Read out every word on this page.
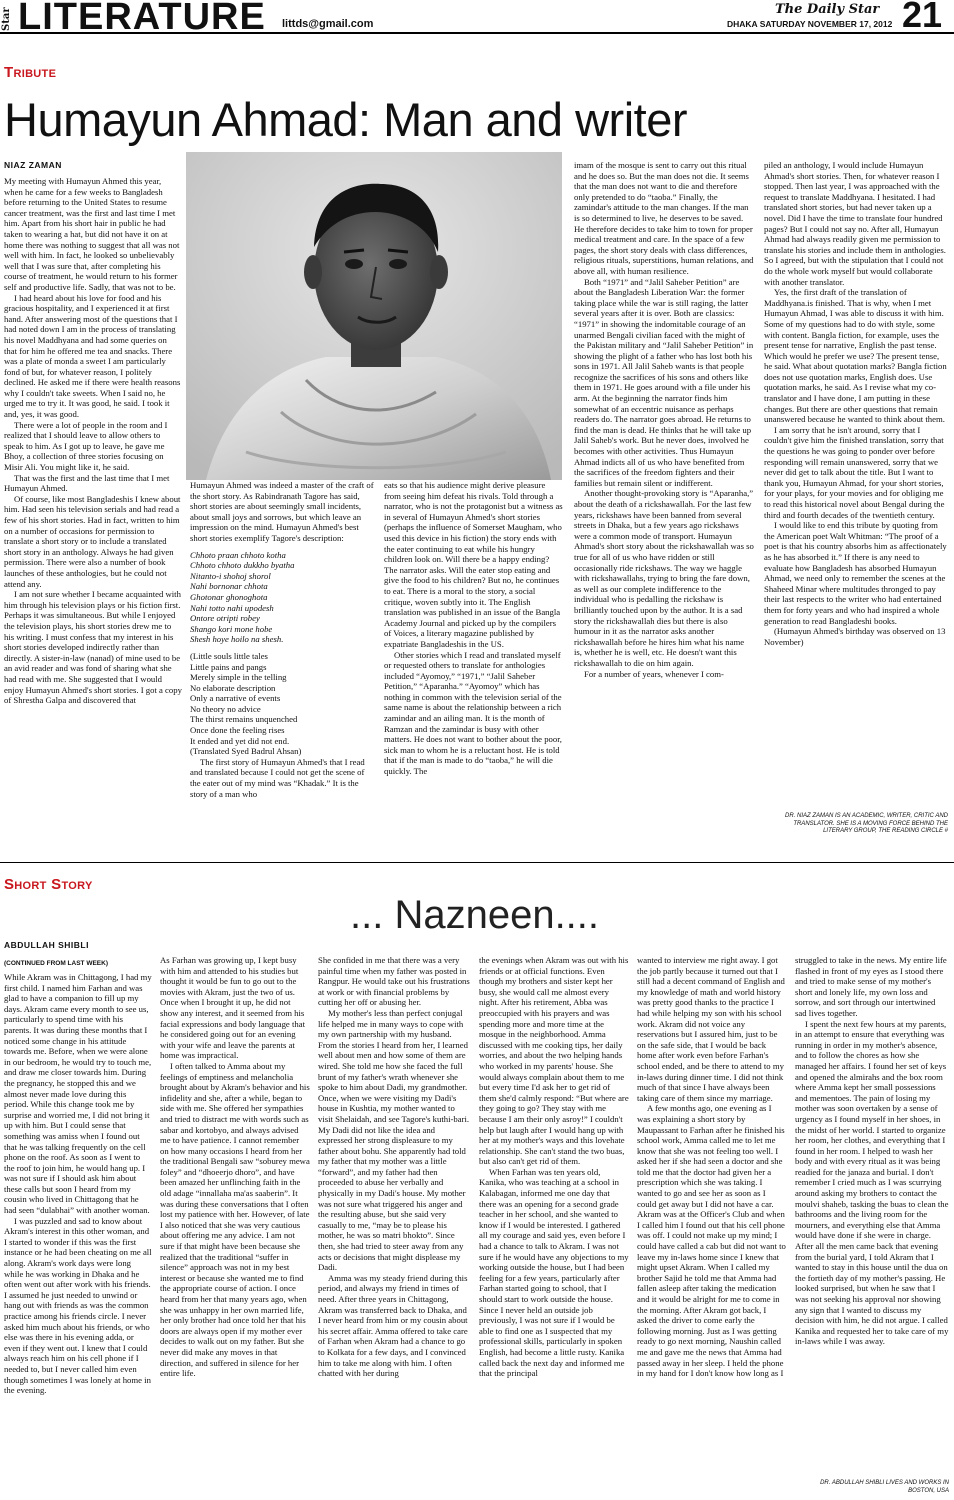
Star LITERATURE littds@gmail.com
The Daily Star
DHAKA SATURDAY NOVEMBER 17, 2012 21
Tribute
Humayun Ahmad: Man and writer
NIAZ ZAMAN

My meeting with Humayun Ahmed this year, when he came for a few weeks to Bangladesh before returning to the United States to resume cancer treatment, was the first and last time I met him. Apart from his short hair in public he had taken to wearing a hat, but did not have it on at home there was nothing to suggest that all was not well with him. In fact, he looked so unbelievably well that I was sure that, after completing his course of treatment, he would return to his former self and productive life. Sadly, that was not to be.

I had heard about his love for food and his gracious hospitality, and I experienced it at first hand. After answering most of the questions that I had noted down I am in the process of translating his novel Maddhyana and had some queries on that for him he offered me tea and snacks. There was a plate of monda a sweet I am particularly fond of but, for whatever reason, I politely declined. He asked me if there were health reasons why I couldn't take sweets. When I said no, he urged me to try it. It was good, he said. I took it and, yes, it was good.

There were a lot of people in the room and I realized that I should leave to allow others to speak to him. As I got up to leave, he gave me Bhoy, a collection of three stories focusing on Misir Ali. You might like it, he said.

That was the first and the last time that I met Humayun Ahmed.

Of course, like most Bangladeshis I knew about him. Had seen his television serials and had read a few of his short stories. Had in fact, written to him on a number of occasions for permission to translate a short story or to include a translated short story in an anthology. Always he had given permission. There were also a number of book launches of these anthologies, but he could not attend any.

I am not sure whether I became acquainted with him through his television plays or his fiction first. Perhaps it was simultaneous. But while I enjoyed the television plays, his short stories drew me to his writing. I must confess that my interest in his short stories developed indirectly rather than directly. A sister-in-law (nanad) of mine used to be an avid reader and was fond of sharing what she had read with me. She suggested that I would enjoy Humayun Ahmed's short stories. I got a copy of Shrestha Galpa and discovered that

Humayun Ahmed was indeed a master of the craft of the short story. As Rabindranath Tagore has said, short stories are about seemingly small incidents, about small joys and sorrows, but which leave an impression on the mind. Humayun Ahmed's best short stories exemplify Tagore's description:

Chhoto praan chhoto kotha
Chhoto chhoto dukkho byatha
Nitanto-i shohoj shorol
Nahi bornonar chhota
Ghotonar ghonoghota
Nahi totto nahi upodesh
Ontore otripti robey
Shango kori mone hobe
Shesh hoye hoilo na shesh.

(Little souls little tales
Little pains and pangs
Merely simple in the telling
No elaborate description
Only a narrative of events
No theory no advice
The thirst remains unquenched
Once done the feeling rises
It ended and yet did not end.
(Translated Syed Badrul Ahsan)

The first story of Humayun Ahmed's that I read and translated because I could not get the scene of the eater out of my mind was “Khadak.” It is the story of a man who

eats so that his audience might derive pleasure from seeing him defeat his rivals. Told through a narrator, who is not the protagonist but a witness as in several of Humayun Ahmed's short stories (perhaps the influence of Somerset Maugham, who used this device in his fiction) the story ends with the eater continuing to eat while his hungry children look on. Will there be a happy ending? The narrator asks. Will the eater stop eating and give the food to his children? But no, he continues to eat. There is a moral to the story, a social critique, woven subtly into it. The English translation was published in an issue of the Bangla Academy Journal and picked up by the compilers of Voices, a literary magazine published by expatriate Bangladeshis in the US.

Other stories which I read and translated myself or requested others to translate for anthologies included “Ayomoy,” “1971,” “Jalil Saheber Petition,” “Aparanha.” “Ayomoy” which has nothing in common with the television serial of the same name is about the relationship between a rich zamindar and an ailing man. It is the month of Ramzan and the zamindar is busy with other matters. He does not want to bother about the poor, sick man to whom he is a reluctant host. He is told that if the man is made to do “taoba,” he will die quickly. The

imam of the mosque is sent to carry out this ritual and he does so. But the man does not die. It seems that the man does not want to die and therefore only pretended to do “taoba.” Finally, the zamindar's attitude to the man changes. If the man is so determined to live, he deserves to be saved. He therefore decides to take him to town for proper medical treatment and care. In the space of a few pages, the short story deals with class differences, religious rituals, superstitions, human relations, and above all, with human resilience.

Both “1971” and “Jalil Saheber Petition” are about the Bangladesh Liberation War: the former taking place while the war is still raging, the latter several years after it is over. Both are classics: “1971” in showing the indomitable courage of an unarmed Bengali civilian faced with the might of the Pakistan military and “Jalil Saheber Petition” in showing the plight of a father who has lost both his sons in 1971. All Jalil Saheb wants is that people recognize the sacrifices of his sons and others like them in 1971. He goes around with a file under his arm. At the beginning the narrator finds him somewhat of an eccentric nuisance as perhaps readers do. The narrator goes abroad. He returns to find the man is dead. He thinks that he will take up Jalil Saheb's work. But he never does, involved he becomes with other activities. Thus Humayun Ahmad indicts all of us who have benefited from the sacrifices of the freedom fighters and their families but remain silent or indifferent.

Another thought-provoking story is “Aparanha,” about the death of a rickshawallah. For the last few years, rickshaws have been banned from several streets in Dhaka, but a few years ago rickshaws were a common mode of transport. Humayun Ahmad's short story about the rickshawallah was so true for all of us who have ridden or still occasionally ride rickshaws. The way we haggle with rickshawallahs, trying to bring the fare down, as well as our complete indifference to the individual who is pedalling the rickshaw is brilliantly touched upon by the author. It is a sad story the rickshawallah dies but there is also humour in it as the narrator asks another rickshawallah before he hires him what his name is, whether he is well, etc. He doesn't want this rickshawallah to die on him again.

For a number of years, whenever I com-

piled an anthology, I would include Humayun Ahmad's short stories. Then, for whatever reason I stopped. Then last year, I was approached with the request to translate Maddhyana. I hesitated. I had translated short stories, but had never taken up a novel. Did I have the time to translate four hundred pages? But I could not say no. After all, Humayun Ahmad had always readily given me permission to translate his stories and include them in anthologies. So I agreed, but with the stipulation that I could not do the whole work myself but would collaborate with another translator.

Yes, the first draft of the translation of Maddhyana.is finished. That is why, when I met Humayun Ahmad, I was able to discuss it with him. Some of my questions had to do with style, some with content. Bangla fiction, for example, uses the present tense for narrative, English the past tense. Which would he prefer we use? The present tense, he said. What about quotation marks? Bangla fiction does not use quotation marks, English does. Use quotation marks, he said. As I revise what my co-translator and I have done, I am putting in these changes. But there are other questions that remain unanswered because he wanted to think about them.

I am sorry that he isn't around, sorry that I couldn't give him the finished translation, sorry that the questions he was going to ponder over before responding will remain unanswered, sorry that we never did get to talk about the title. But I want to thank you, Humayun Ahmad, for your short stories, for your plays, for your movies and for obliging me to read this historical novel about Bengal during the third and fourth decades of the twentieth century.

I would like to end this tribute by quoting from the American poet Walt Whitman: “The proof of a poet is that his country absorbs him as affectionately as he has absorbed it.” If there is any need to evaluate how Bangladesh has absorbed Humayun Ahmad, we need only to remember the scenes at the Shaheed Minar where multitudes thronged to pay their last respects to the writer who had entertained them for forty years and who had inspired a whole generation to read Bangladeshi books.

(Humayun Ahmed's birthday was observed on 13 November)

DR. NIAZ ZAMAN IS AN ACADEMIC, WRITER, CRITIC AND TRANSLATOR. SHE IS A MOVING FORCE BEHIND THE LITERARY GROUP, THE READING CIRCLE #
Short Story
... Nazneen....
ABDULLAH SHIBLI
(CONTINUED FROM LAST WEEK)

While Akram was in Chittagong, I had my first child. I named him Farhan and was glad to have a companion to fill up my days. Akram came every month to see us, particularly to spend time with his parents. It was during these months that I noticed some change in his attitude towards me. Before, when we were alone in our bedroom, he would try to touch me, and draw me closer towards him. During the pregnancy, he stopped this and we almost never made love during this period. While this change took me by surprise and worried me, I did not bring it up with him. But I could sense that something was amiss when I found out that he was talking frequently on the cell phone on the roof. As soon as I went to the roof to join him, he would hang up. I was not sure if I should ask him about these calls but soon I heard from my cousin who lived in Chittagong that he had seen “dulabhai” with another woman.

I was puzzled and sad to know about Akram's interest in this other woman, and I started to wonder if this was the first instance or he had been cheating on me all along. Akram's work days were long while he was working in Dhaka and he often went out after work with his friends. I assumed he just needed to unwind or hang out with friends as was the common practice among his friends circle. I never asked him much about his friends, or who else was there in his evening adda, or even if they went out. I knew that I could always reach him on his cell phone if I needed to, but I never called him even though sometimes I was lonely at home in the evening.

As Farhan was growing up, I kept busy with him and attended to his studies but thought it would be fun to go out to the movies with Akram, just the two of us. Once when I brought it up, he did not show any interest, and it seemed from his facial expressions and body language that he considered going out for an evening with your wife and leave the parents at home was impractical.

I often talked to Amma about my feelings of emptiness and melancholia brought about by Akram's behavior and his infidelity and she, after a while, began to side with me. She offered her sympathies and tried to distract me with words such as sabar and kortobyo, and always advised me to have patience. I cannot remember on how many occasions I heard from her the traditional Bengali saw “soburey mewa foley” and “dhoeerjo dhoro”, and have been amazed her unflinching faith in the old adage “innallaha ma'as saaberin”. It was during these conversations that I often lost my patience with her. However, of late I also noticed that she was very cautious about offering me any advice. I am not sure if that might have been because she realized that the traditional “suffer in silence” approach was not in my best interest or because she wanted me to find the appropriate course of action. I once heard from her that many years ago, when she was unhappy in her own married life, her only brother had once told her that his doors are always open if my mother ever decides to walk out on my father. But she never did make any moves in that direction, and suffered in silence for her entire life.

She confided in me that there was a very painful time when my father was posted in Rangpur. He would take out his frustrations at work or with financial problems by cutting her off or abusing her.

My mother's less than perfect conjugal life helped me in many ways to cope with my own partnership with my husband. From the stories I heard from her, I learned well about men and how some of them are wired. She told me how she faced the full brunt of my father's wrath whenever she spoke to him about Dadi, my grandmother. Once, when we were visiting my Dadi's house in Kushtia, my mother wanted to visit Shelaidah, and see Tagore's kuthi-bari. My Dadi did not like the idea and expressed her strong displeasure to my father about bohu. She apparently had told my father that my mother was a little “forward”, and my father had then proceeded to abuse her verbally and physically in my Dadi's house. My mother was not sure what triggered his anger and the resulting abuse, but she said very casually to me, “may be to please his mother, he was so matri bhokto”. Since then, she had tried to steer away from any acts or decisions that might displease my Dadi.

Amma was my steady friend during this period, and always my friend in times of need. After three years in Chittagong, Akram was transferred back to Dhaka, and I never heard from him or my cousin about his secret affair. Amma offered to take care of Farhan when Akram had a chance to go to Kolkata for a few days, and I convinced him to take me along with him. I often chatted with her during

the evenings when Akram was out with his friends or at official functions. Even though my brothers and sister kept her busy, she would call me almost every night. After his retirement, Abba was preoccupied with his prayers and was spending more and more time at the mosque in the neighborhood. Amma discussed with me cooking tips, her daily worries, and about the two helping hands who worked in my parents' house. She would always complain about them to me but every time I'd ask her to get rid of them she'd calmly respond: “But where are they going to go? They stay with me because I am their only asroy!” I couldn't help but laugh after I would hang up with her at my mother's ways and this lovehate relationship. She can't stand the two buas, but also can't get rid of them.

When Farhan was ten years old, Kanika, who was teaching at a school in Kalabagan, informed me one day that there was an opening for a second grade teacher in her school, and she wanted to know if I would be interested. I gathered all my courage and said yes, even before I had a chance to talk to Akram. I was not sure if he would have any objections to my working outside the house, but I had been feeling for a few years, particularly after Farhan started going to school, that I should start to work outside the house. Since I never held an outside job previously, I was not sure if I would be able to find one as I suspected that my professional skills, particularly in spoken English, had become a little rusty. Kanika called back the next day and informed me that the principal

wanted to interview me right away. I got the job partly because it turned out that I still had a decent command of English and my knowledge of math and world history was pretty good thanks to the practice I had while helping my son with his school work. Akram did not voice any reservations but I assured him, just to be on the safe side, that I would be back home after work even before Farhan's school ended, and be there to attend to my in-laws during dinner time. I did not think much of that since I have always been taking care of them since my marriage.

A few months ago, one evening as I was explaining a short story by Maupassant to Farhan after he finished his school work, Amma called me to let me know that she was not feeling too well. I asked her if she had seen a doctor and she told me that the doctor had given her a prescription which she was taking. I wanted to go and see her as soon as I could get away but I did not have a car. Akram was at the Officer's Club and when I called him I found out that his cell phone was off. I could not make up my mind; I could have called a cab but did not want to leave my in-laws home since I knew that might upset Akram. When I called my brother Sajid he told me that Amma had fallen asleep after taking the medication and it would be alright for me to come in the morning. After Akram got back, I asked the driver to come early the following morning. Just as I was getting ready to go next morning, Naushin called me and gave me the news that Amma had passed away in her sleep. I held the phone in my hand for I don't know how long as I

struggled to take in the news. My entire life flashed in front of my eyes as I stood there and tried to make sense of my mother's short and lonely life, my own loss and sorrow, and sort through our intertwined sad lives together.

I spent the next few hours at my parents, in an attempt to ensure that everything was running in order in my mother's absence, and to follow the chores as how she managed her affairs. I found her set of keys and opened the almirahs and the box room where Amma kept her small possessions and mementoes. The pain of losing my mother was soon overtaken by a sense of urgency as I found myself in her shoes, in the midst of her world. I started to organize her room, her clothes, and everything that I found in her room. I helped to wash her body and with every ritual as it was being readied for the janaza and burial. I don't remember I cried much as I was scurrying around asking my brothers to contact the moulvi shaheb, tasking the buas to clean the bathrooms and the living room for the mourners, and everything else that Amma would have done if she were in charge. After all the men came back that evening from the burial yard, I told Akram that I wanted to stay in this house until the dua on the fortieth day of my mother's passing. He looked surprised, but when he saw that I was not seeking his approval nor showing any sign that I wanted to discuss my decision with him, he did not argue. I called Kanika and requested her to take care of my in-laws while I was away.

DR. ABDULLAH SHIBLI LIVES AND WORKS IN BOSTON, USA
